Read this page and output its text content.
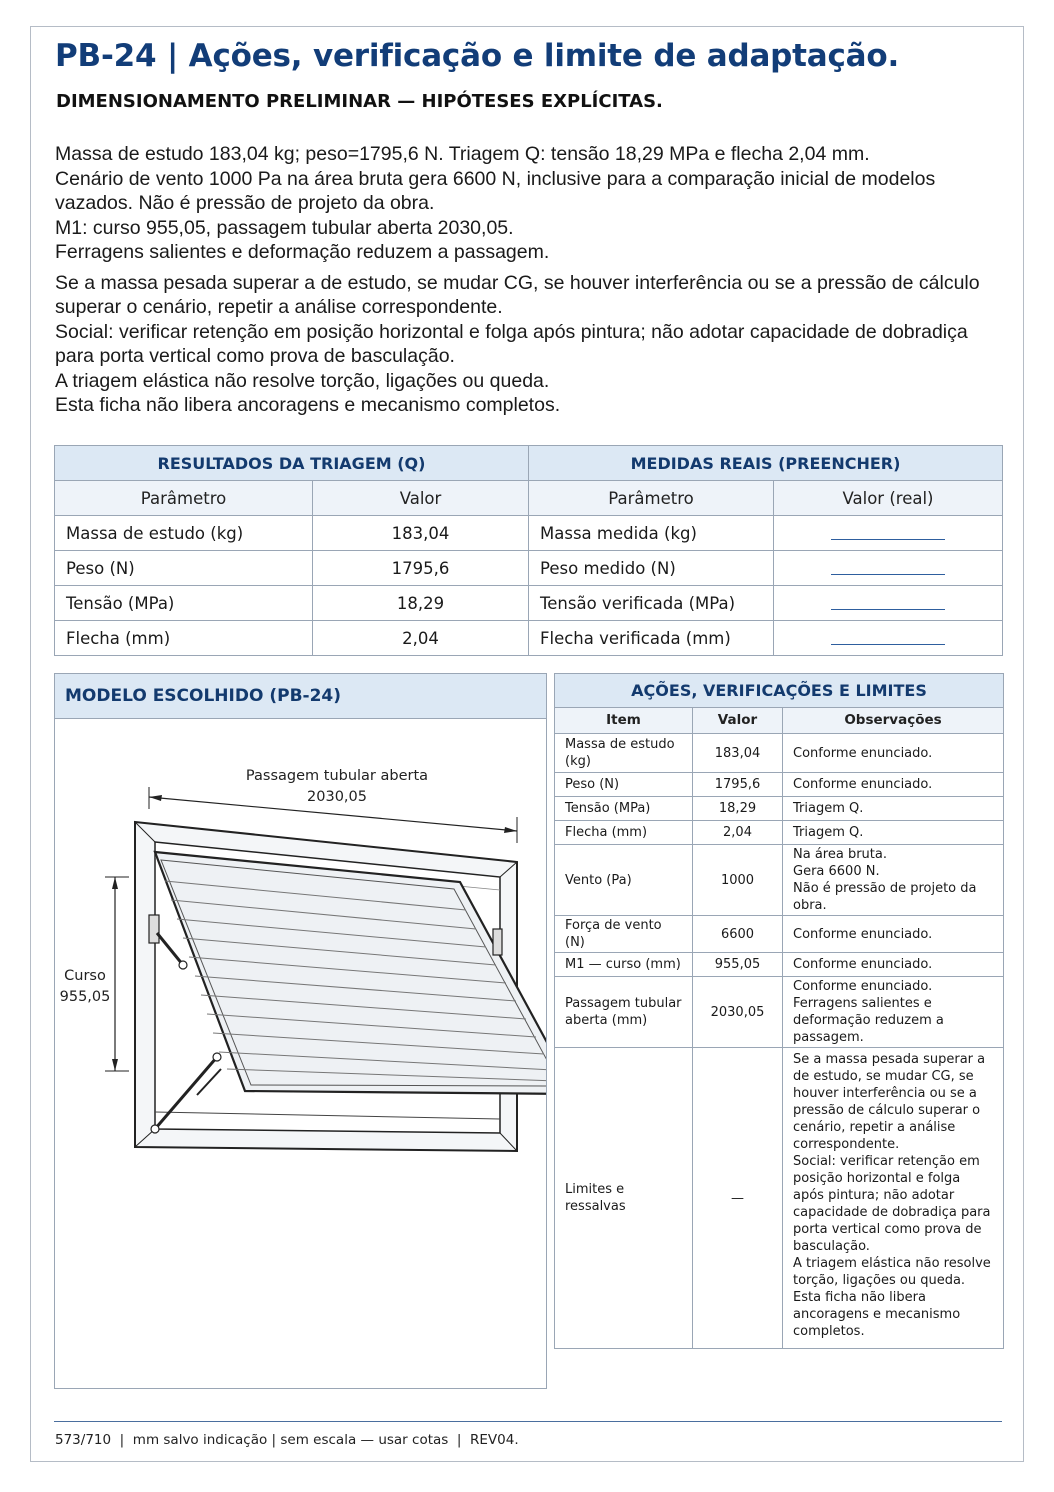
PB-24 | Ações, verificação e limite de adaptação.
DIMENSIONAMENTO PRELIMINAR — HIPÓTESES EXPLÍCITAS.

Massa de estudo 183,04 kg; peso=1795,6 N. Triagem Q: tensão 18,29 MPa e flecha 2,04 mm.

Cenário de vento 1000 Pa na área bruta gera 6600 N, inclusive para a comparação inicial de modelos vazados. Não é pressão de projeto da obra.

M1: curso 955,05, passagem tubular aberta 2030,05.

Ferragens salientes e deformação reduzem a passagem.

Se a massa pesada superar a de estudo, se mudar CG, se houver interferência ou se a pressão de cálculo superar o cenário, repetir a análise correspondente.

Social: verificar retenção em posição horizontal e folga após pintura; não adotar capacidade de dobradiça para porta vertical como prova de basculação.

A triagem elástica não resolve torção, ligações ou queda.

Esta ficha não libera ancoragens e mecanismo completos.

RESULTADOS DA TRIAGEM (Q)		MEDIDAS REAIS (PREENCHER)	
Parâmetro	Valor	Parâmetro	Valor (real)
Massa de estudo (kg)	183,04	Massa medida (kg)	
Peso (N)	1795,6	Peso medido (N)	
Tensão (MPa)	18,29	Tensão verificada (MPa)	
Flecha (mm)	2,04	Flecha verificada (mm)	
MODELO ESCOLHIDO (PB-24)
Passagem tubular aberta
2030,05
Curso
955,05
AÇÕES, VERIFICAÇÕES E LIMITES		
Item	Valor	Observações
Massa de estudo (kg)	183,04	Conforme enunciado.

Peso (N)	1795,6	Conforme enunciado.

Tensão (MPa)	18,29	Triagem Q.

Flecha (mm)	2,04	Triagem Q.

Vento (Pa)	1000	Na área bruta.
Gera 6600 N.
Não é pressão de projeto da obra.

Força de vento (N)	6600	Conforme enunciado.

M1 — curso (mm)	955,05	Conforme enunciado.

Passagem tubular aberta (mm)	2030,05	Conforme enunciado.
Ferragens salientes e deformação reduzem a passagem.

Limites e ressalvas	—	Se a massa pesada superar a de estudo, se mudar CG, se houver interferência ou se a pressão de cálculo superar o cenário, repetir a análise correspondente.
Social: verificar retenção em posição horizontal e folga após pintura; não adotar capacidade de dobradiça para porta vertical como prova de basculação.
A triagem elástica não resolve torção, ligações ou queda.
Esta ficha não libera ancoragens e mecanismo completos.
573/710  |  mm salvo indicação | sem escala — usar cotas  |  REV04.
